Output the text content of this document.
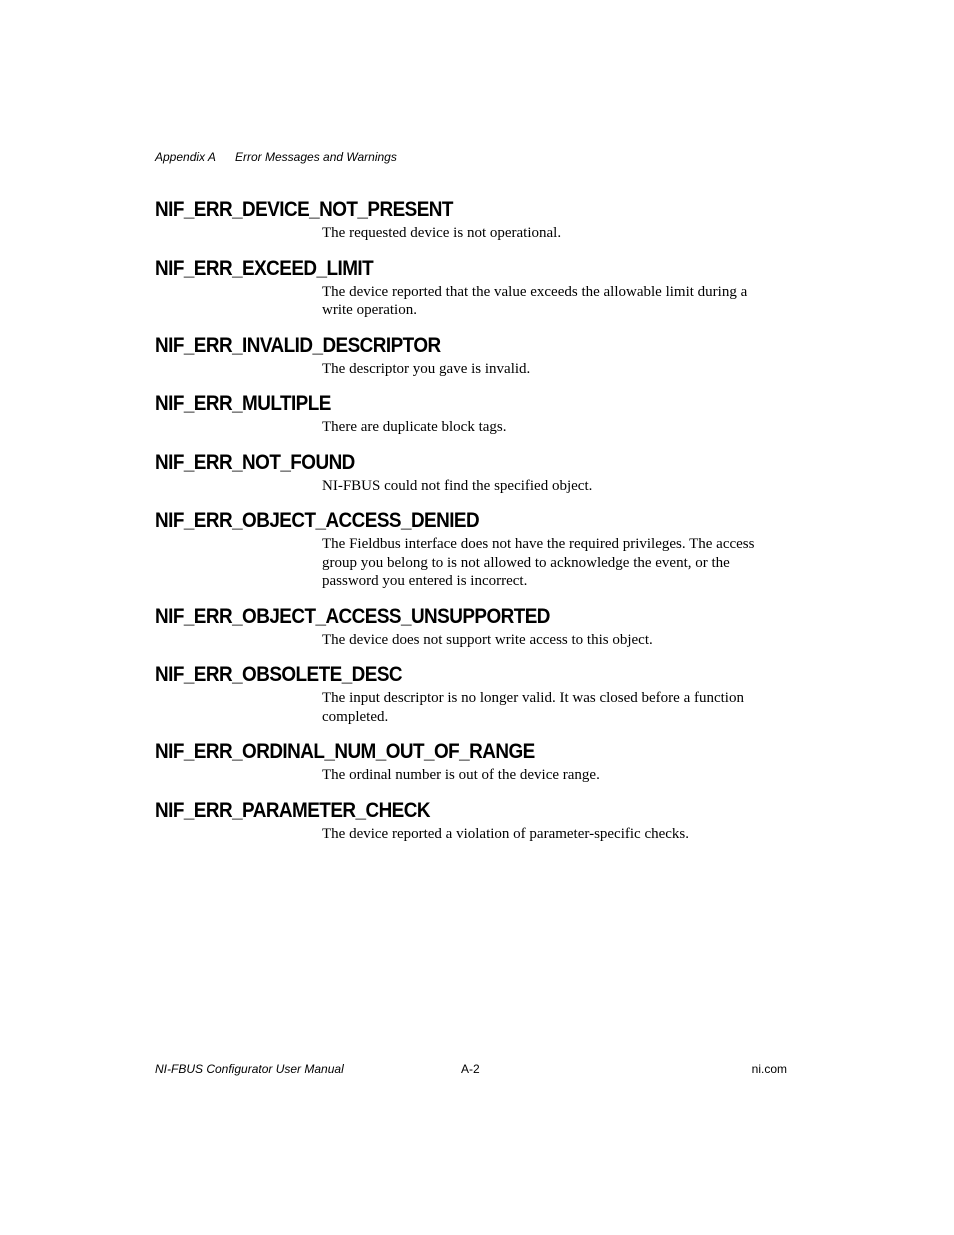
Appendix A Error Messages and Warnings
NIF_ERR_DEVICE_NOT_PRESENT

The requested device is not operational.

NIF_ERR_EXCEED_LIMIT

The device reported that the value exceeds the allowable limit during a write operation.

NIF_ERR_INVALID_DESCRIPTOR

The descriptor you gave is invalid.

NIF_ERR_MULTIPLE

There are duplicate block tags.

NIF_ERR_NOT_FOUND

NI-FBUS could not find the specified object.

NIF_ERR_OBJECT_ACCESS_DENIED

The Fieldbus interface does not have the required privileges. The access group you belong to is not allowed to acknowledge the event, or the password you entered is incorrect.

NIF_ERR_OBJECT_ACCESS_UNSUPPORTED

The device does not support write access to this object.

NIF_ERR_OBSOLETE_DESC

The input descriptor is no longer valid. It was closed before a function completed.

NIF_ERR_ORDINAL_NUM_OUT_OF_RANGE

The ordinal number is out of the device range.

NIF_ERR_PARAMETER_CHECK

The device reported a violation of parameter-specific checks.

NI-FBUS Configurator User Manual	A-2	ni.com
